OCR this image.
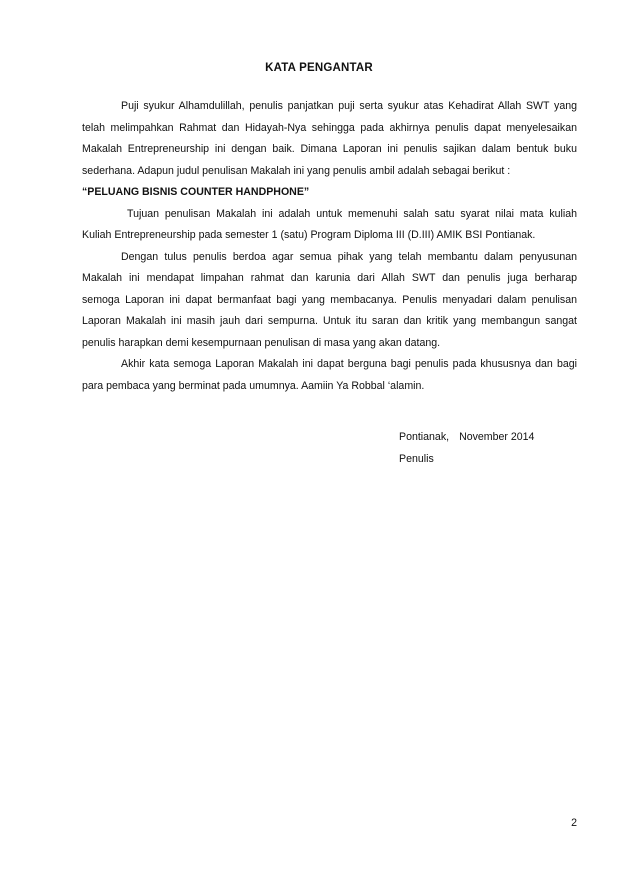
KATA PENGANTAR
Puji syukur Alhamdulillah, penulis panjatkan puji serta syukur atas Kehadirat Allah SWT yang
telah melimpahkan Rahmat dan Hidayah-Nya sehingga pada akhirnya penulis dapat menyelesaikan
Makalah Entrepreneurship ini dengan baik. Dimana Laporan ini penulis sajikan dalam bentuk buku
sederhana. Adapun judul penulisan Makalah ini yang penulis ambil adalah sebagai berikut :
“PELUANG BISNIS COUNTER HANDPHONE”
Tujuan penulisan Makalah ini adalah untuk memenuhi salah satu syarat nilai mata kuliah
Kuliah Entrepreneurship pada semester 1 (satu) Program Diploma III (D.III) AMIK BSI Pontianak.
Dengan tulus penulis berdoa agar semua pihak yang telah membantu dalam penyusunan
Makalah ini mendapat limpahan rahmat dan karunia dari Allah SWT dan penulis juga berharap
semoga Laporan ini dapat bermanfaat bagi yang membacanya. Penulis menyadari dalam penulisan
Laporan Makalah ini masih jauh dari sempurna. Untuk itu saran dan kritik yang membangun sangat
penulis harapkan demi kesempurnaan penulisan di masa yang akan datang.
Akhir kata semoga Laporan Makalah ini dapat berguna bagi penulis pada khususnya dan bagi
para pembaca yang berminat pada umumnya. Aamiin Ya Robbal ‘alamin.
Pontianak, November 2014
Penulis
2
